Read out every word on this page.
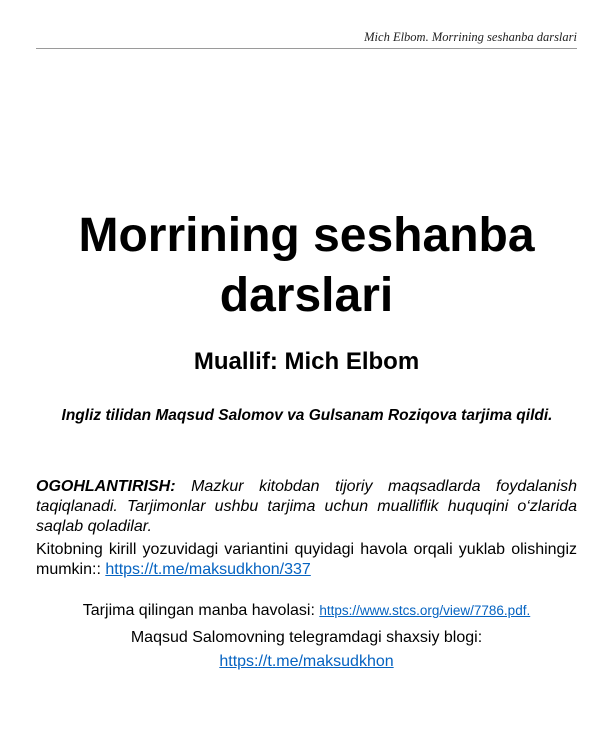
Mich Elbom. Morrining seshanba darslari
Morrining seshanba darslari
Muallif: Mich Elbom

Ingliz tilidan Maqsud Salomov va Gulsanam Roziqova tarjima qildi.

OGOHLANTIRISH: Mazkur kitobdan tijoriy maqsadlarda foydalanish taqiqlanadi. Tarjimonlar ushbu tarjima uchun mualliflik huquqini o‘zlarida saqlab qoladilar.

Kitobning kirill yozuvidagi variantini quyidagi havola orqali yuklab olishingiz mumkin:: https://t.me/maksudkhon/337

Tarjima qilingan manba havolasi: https://www.stcs.org/view/7786.pdf.

Maqsud Salomovning telegramdagi shaxsiy blogi:
https://t.me/maksudkhon
